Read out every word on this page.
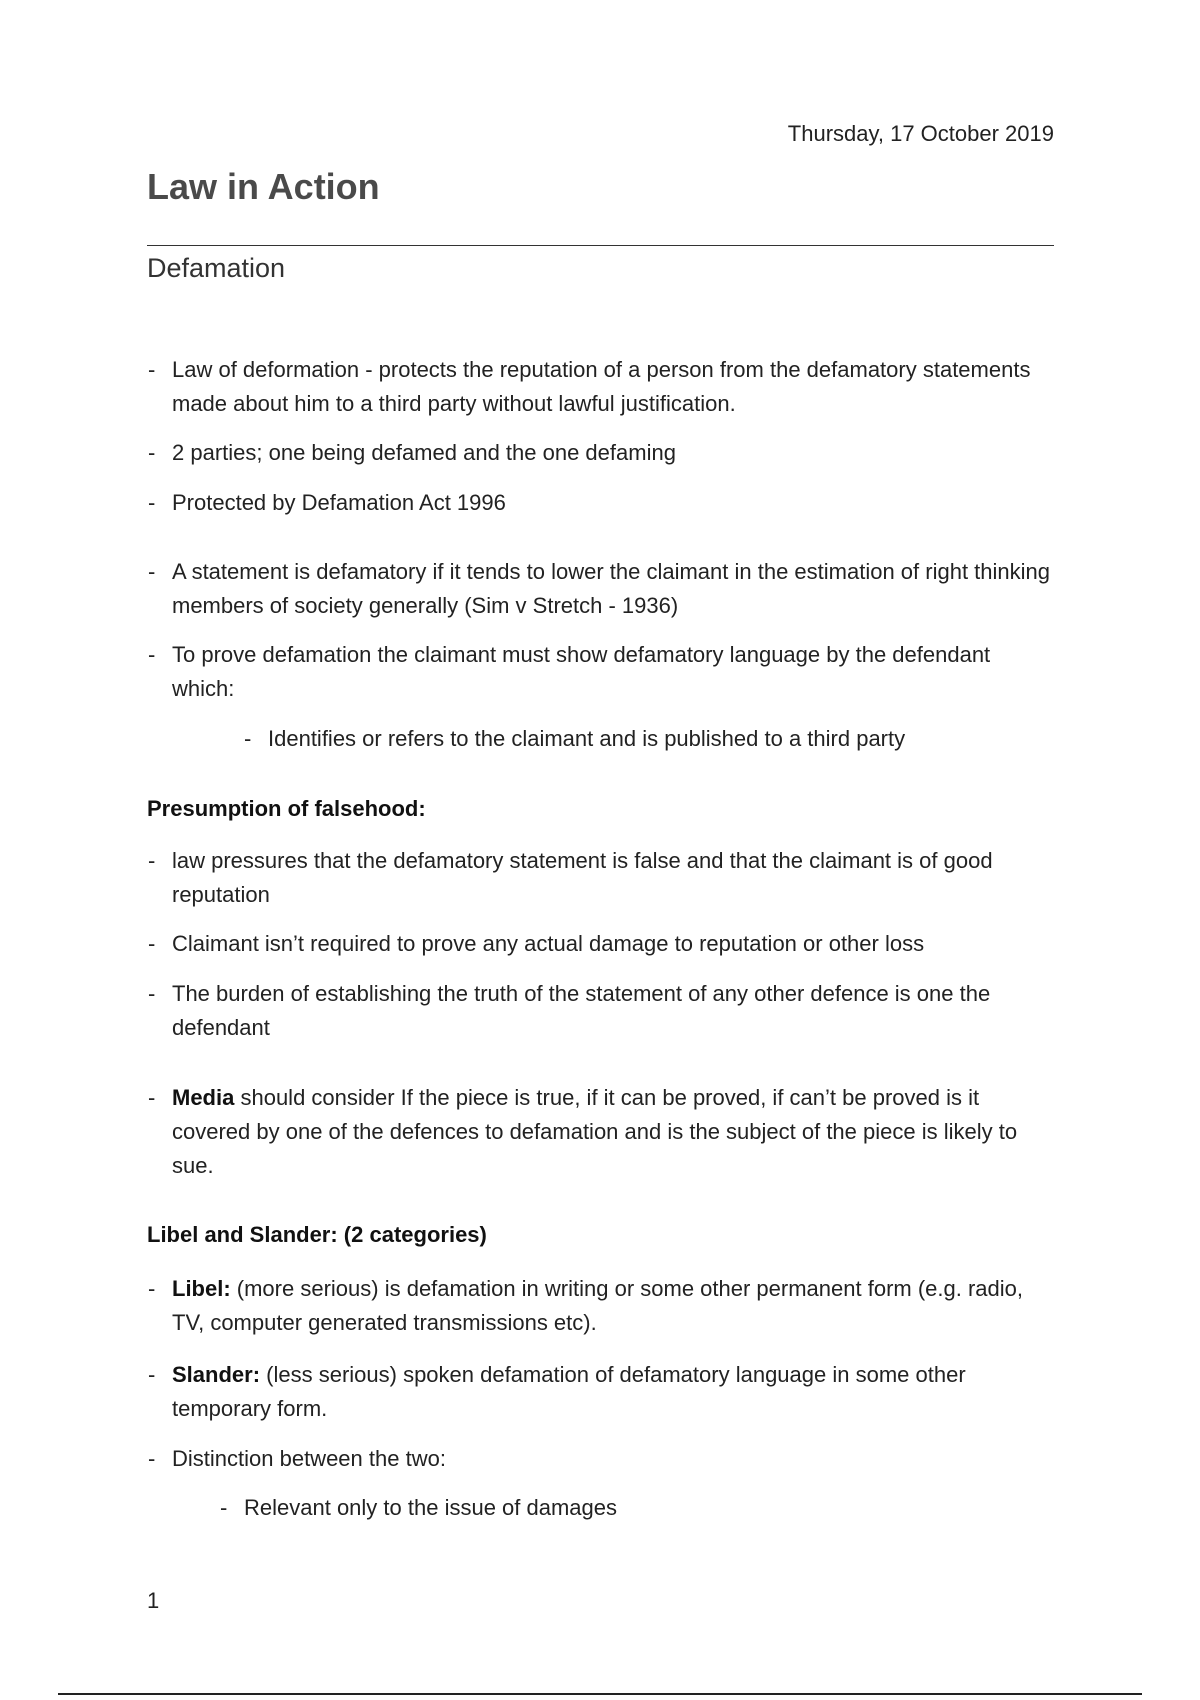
Thursday, 17 October 2019
Law in Action
Defamation
- Law of deformation - protects the reputation of a person from the defamatory statements made about him to a third party without lawful justification.
- 2 parties; one being defamed and the one defaming
- Protected by Defamation Act 1996
- A statement is defamatory if it tends to lower the claimant in the estimation of right thinking members of society generally (Sim v Stretch - 1936)
- To prove defamation the claimant must show defamatory language by the defendant which:
- Identifies or refers to the claimant and is published to a third party
Presumption of falsehood:
- law pressures that the defamatory statement is false and that the claimant is of good reputation
- Claimant isn’t required to prove any actual damage to reputation or other loss
- The burden of establishing the truth of the statement of any other defence is one the defendant
- Media should consider If the piece is true, if it can be proved, if can’t be proved is it covered by one of the defences to defamation and is the subject of the piece is likely to sue.
Libel and Slander: (2 categories)
- Libel: (more serious) is defamation in writing or some other permanent form (e.g. radio, TV, computer generated transmissions etc).
- Slander: (less serious) spoken defamation of defamatory language in some other temporary form.
- Distinction between the two:
- Relevant only to the issue of damages
1
